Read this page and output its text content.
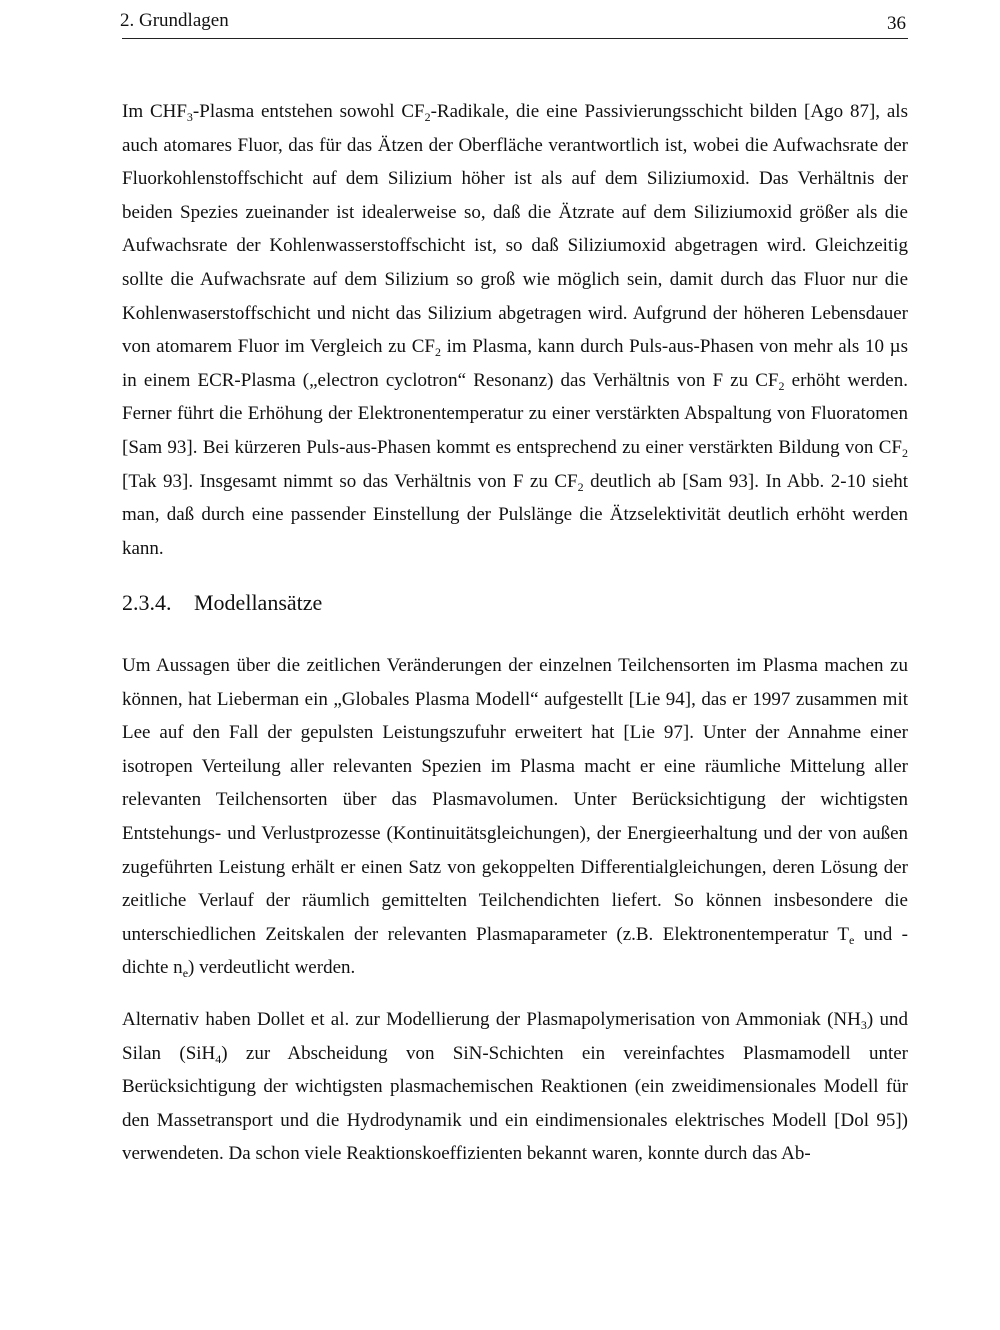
2. Grundlagen	36

Im $CHF_3$-Plasma entstehen sowohl $CF_2$-Radikale, die eine Passivierungsschicht bilden [Ago 87], als auch atomares Fluor, das für das Ätzen der Oberfläche verantwortlich ist, wobei die Aufwachsrate der Fluorkohlenstoffschicht auf dem Silizium höher ist als auf dem Siliziumoxid. Das Verhältnis der beiden Spezies zueinander ist idealerweise so, daß die Ätzrate auf dem Siliziumoxid größer als die Aufwachsrate der Kohlenwasserstoffschicht ist, so daß Siliziumoxid abgetragen wird. Gleichzeitig sollte die Aufwachsrate auf dem Silizium so groß wie möglich sein, damit durch das Fluor nur die Kohlenwaserstoffschicht und nicht das Silizium abgetragen wird. Aufgrund der höheren Lebensdauer von atomarem Fluor im Vergleich zu $CF_2$ im Plasma, kann durch Puls-aus-Phasen von mehr als 10 µs in einem ECR-Plasma („electron cyclotron“ Resonanz) das Verhältnis von F zu $CF_2$ erhöht werden. Ferner führt die Erhöhung der Elektronentemperatur zu einer verstärkten Abspaltung von Fluoratomen [Sam 93]. Bei kürzeren Puls-aus-Phasen kommt es entsprechend zu einer verstärkten Bildung von $CF_2$ [Tak 93]. Insgesamt nimmt so das Verhältnis von F zu $CF_2$ deutlich ab [Sam 93]. In Abb. 2-10 sieht man, daß durch eine passender Einstellung der Pulslänge die Ätzselektivität deutlich erhöht werden kann.

2.3.4. Modellansätze

Um Aussagen über die zeitlichen Veränderungen der einzelnen Teilchensorten im Plasma machen zu können, hat Lieberman ein „Globales Plasma Modell“ aufgestellt [Lie 94], das er 1997 zusammen mit Lee auf den Fall der gepulsten Leistungszufuhr erweitert hat [Lie 97]. Unter der Annahme einer isotropen Verteilung aller relevanten Spezien im Plasma macht er eine räumliche Mittelung aller relevanten Teilchensorten über das Plasmavolumen. Unter Berücksichtigung der wichtigsten Entstehungs- und Verlustprozesse (Kontinuitätsgleichungen), der Energieerhaltung und der von außen zugeführten Leistung erhält er einen Satz von gekoppelten Differentialgleichungen, deren Lösung der zeitliche Verlauf der räumlich gemittelten Teilchendichten liefert. So können insbesondere die unterschiedlichen Zeitskalen der relevanten Plasmaparameter (z.B. Elektronentemperatur $T_e$ und -dichte $n_e$) verdeutlicht werden.

Alternativ haben Dollet et al. zur Modellierung der Plasmapolymerisation von Ammoniak $(NH_3)$ und Silan (SiH$_4$) zur Abscheidung von SiN-Schichten ein vereinfachtes Plasmamodell unter Berücksichtigung der wichtigsten plasmachemischen Reaktionen (ein zweidimensionales Modell für den Massetransport und die Hydrodynamik und ein eindimensionales elektrisches Modell [Dol 95]) verwendeten. Da schon viele Reaktionskoeffizienten bekannt waren, konnte durch das Ab-
